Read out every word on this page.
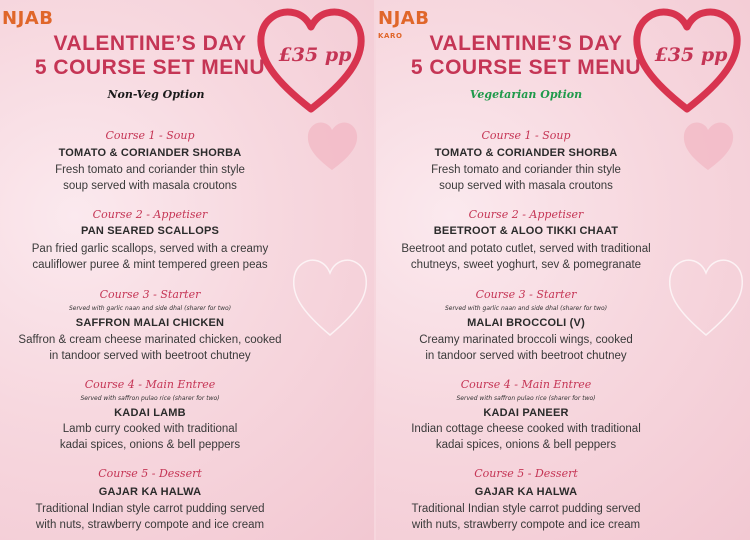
NJAB
£35 pp
VALENTINE’S DAY
5 COURSE SET MENU
Non-Veg Option
Course 1 - Soup
TOMATO & CORIANDER SHORBA
Fresh tomato and coriander thin style
soup served with masala croutons
Course 2 - Appetiser
PAN SEARED SCALLOPS
Pan fried garlic scallops, served with a creamy
cauliflower puree & mint tempered green peas
Course 3 - Starter
Served with garlic naan and side dhal (sharer for two)
SAFFRON MALAI CHICKEN
Saffron & cream cheese marinated chicken, cooked
in tandoor served with beetroot chutney
Course 4 - Main Entree
Served with saffron pulao rice (sharer for two)
KADAI LAMB
Lamb curry cooked with traditional
kadai spices, onions & bell peppers
Course 5 - Dessert
GAJAR KA HALWA
Traditional Indian style carrot pudding served
with nuts, strawberry compote and ice cream
NJAB
KARO
£35 pp
VALENTINE’S DAY
5 COURSE SET MENU
Vegetarian Option
Course 1 - Soup
TOMATO & CORIANDER SHORBA
Fresh tomato and coriander thin style
soup served with masala croutons
Course 2 - Appetiser
BEETROOT & ALOO TIKKI CHAAT
Beetroot and potato cutlet, served with traditional
chutneys, sweet yoghurt, sev & pomegranate
Course 3 - Starter
Served with garlic naan and side dhal (sharer for two)
MALAI BROCCOLI (V)
Creamy marinated broccoli wings, cooked
in tandoor served with beetroot chutney
Course 4 - Main Entree
Served with saffron pulao rice (sharer for two)
KADAI PANEER
Indian cottage cheese cooked with traditional
kadai spices, onions & bell peppers
Course 5 - Dessert
GAJAR KA HALWA
Traditional Indian style carrot pudding served
with nuts, strawberry compote and ice cream
